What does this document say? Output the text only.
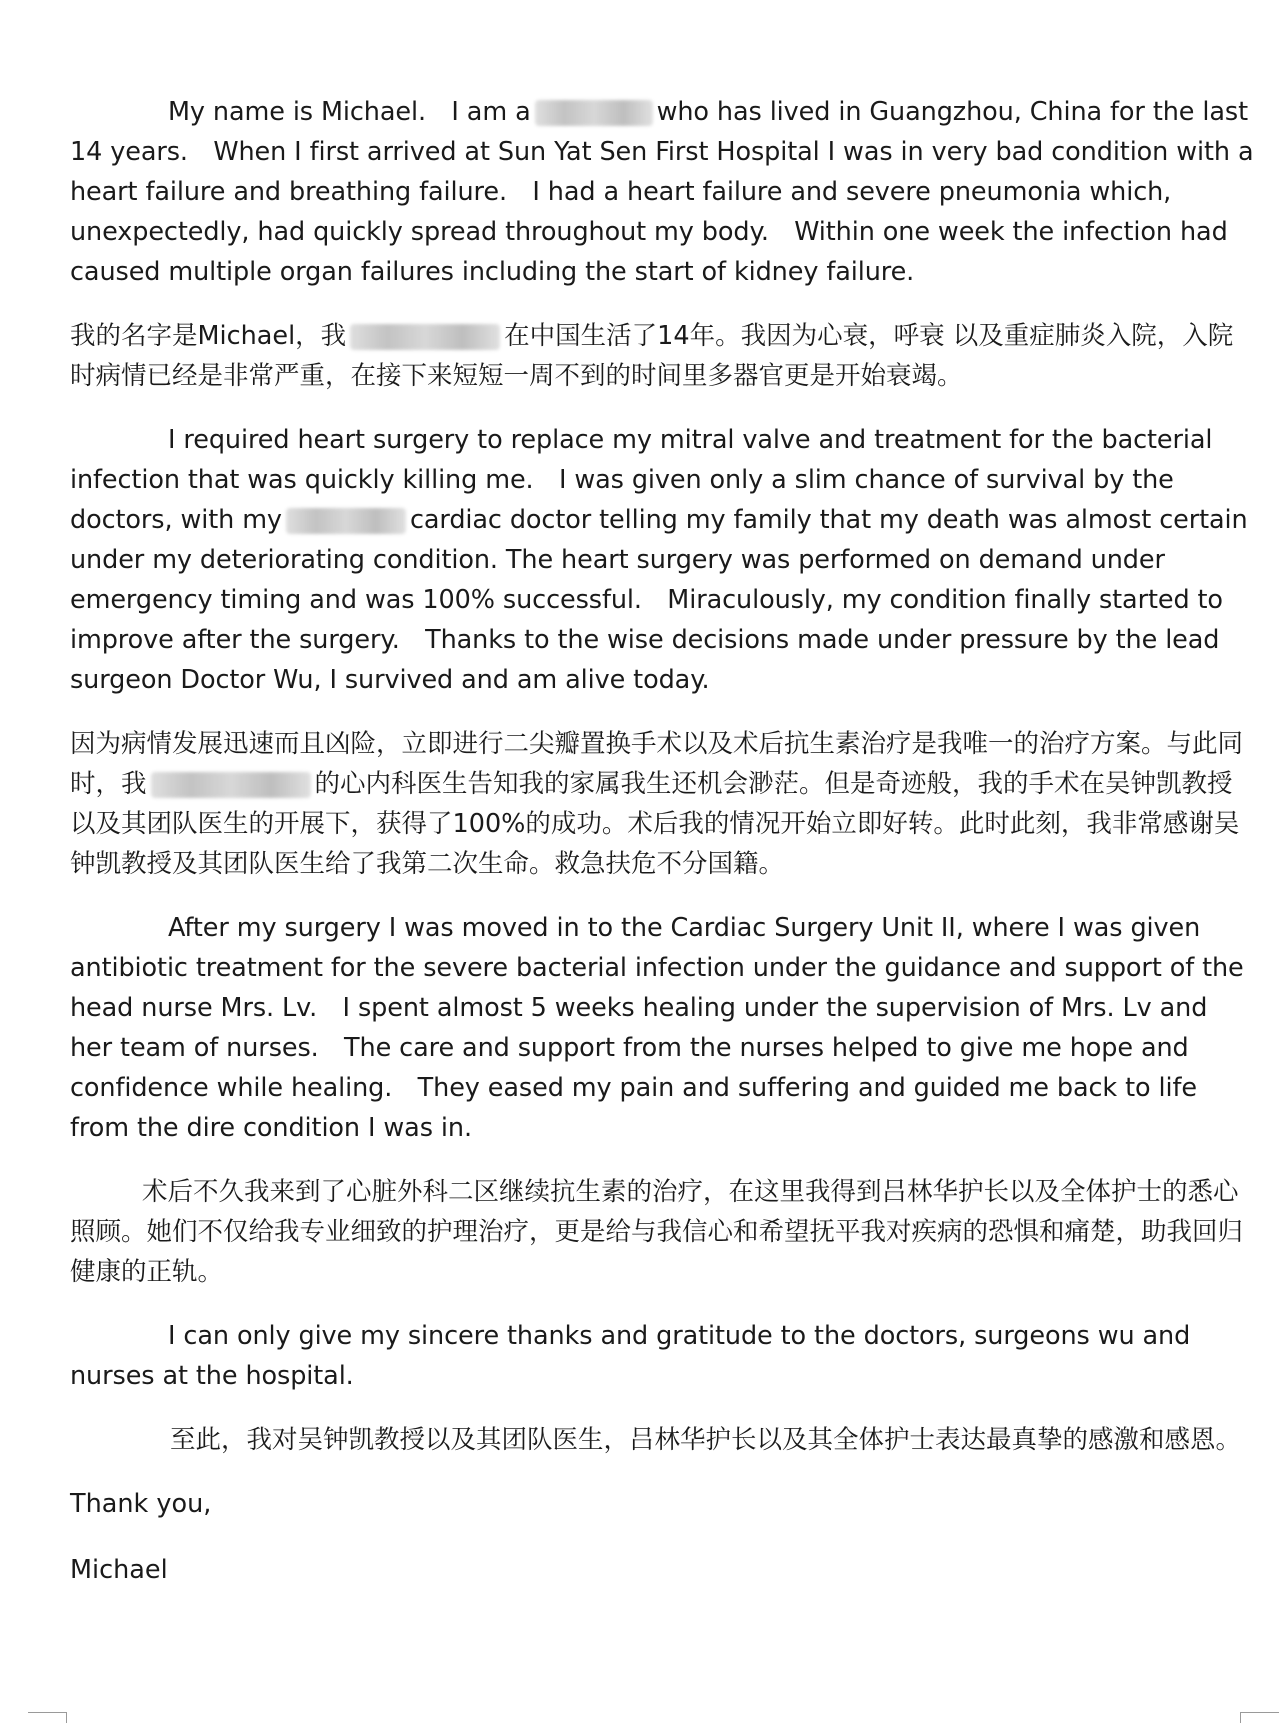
My name is Michael.　I am a	who has lived in Guangzhou, China for the last 14 years.　When I first arrived at Sun Yat Sen First Hospital I was in very bad condition with a heart failure and breathing failure.　I had a heart failure and severe pneumonia which, unexpectedly, had quickly spread throughout my body.　Within one week the infection had caused multiple organ failures including the start of kidney failure.

我的名字是Michael，我	在中国生活了14年。我因为心衰，呼衰 以及重症肺炎入院，入院时病情已经是非常严重，在接下来短短一周不到的时间里多器官更是开始衰竭。

I required heart surgery to replace my mitral valve and treatment for the bacterial infection that was quickly killing me.　I was given only a slim chance of survival by the doctors, with my	cardiac doctor telling my family that my death was almost certain under my deteriorating condition. The heart surgery was performed on demand under emergency timing and was 100% successful.　Miraculously, my condition finally started to improve after the surgery.　Thanks to the wise decisions made under pressure by the lead surgeon Doctor Wu, I survived and am alive today.

因为病情发展迅速而且凶险，立即进行二尖瓣置换手术以及术后抗生素治疗是我唯一的治疗方案。与此同时，我	的心内科医生告知我的家属我生还机会渺茫。但是奇迹般，我的手术在吴钟凯教授以及其团队医生的开展下，获得了100%的成功。术后我的情况开始立即好转。此时此刻，我非常感谢吴钟凯教授及其团队医生给了我第二次生命。救急扶危不分国籍。

After my surgery I was moved in to the Cardiac Surgery Unit II, where I was given antibiotic treatment for the severe bacterial infection under the guidance and support of the head nurse Mrs. Lv.　I spent almost 5 weeks healing under the supervision of Mrs. Lv and her team of nurses.　The care and support from the nurses helped to give me hope and confidence while healing.　They eased my pain and suffering and guided me back to life from the dire condition I was in.

术后不久我来到了心脏外科二区继续抗生素的治疗，在这里我得到吕林华护长以及全体护士的悉心照顾。她们不仅给我专业细致的护理治疗，更是给与我信心和希望抚平我对疾病的恐惧和痛楚，助我回归健康的正轨。

I can only give my sincere thanks and gratitude to the doctors, surgeons wu and nurses at the hospital.

至此，我对吴钟凯教授以及其团队医生，吕林华护长以及其全体护士表达最真挚的感激和感恩。

Thank you,

Michael
